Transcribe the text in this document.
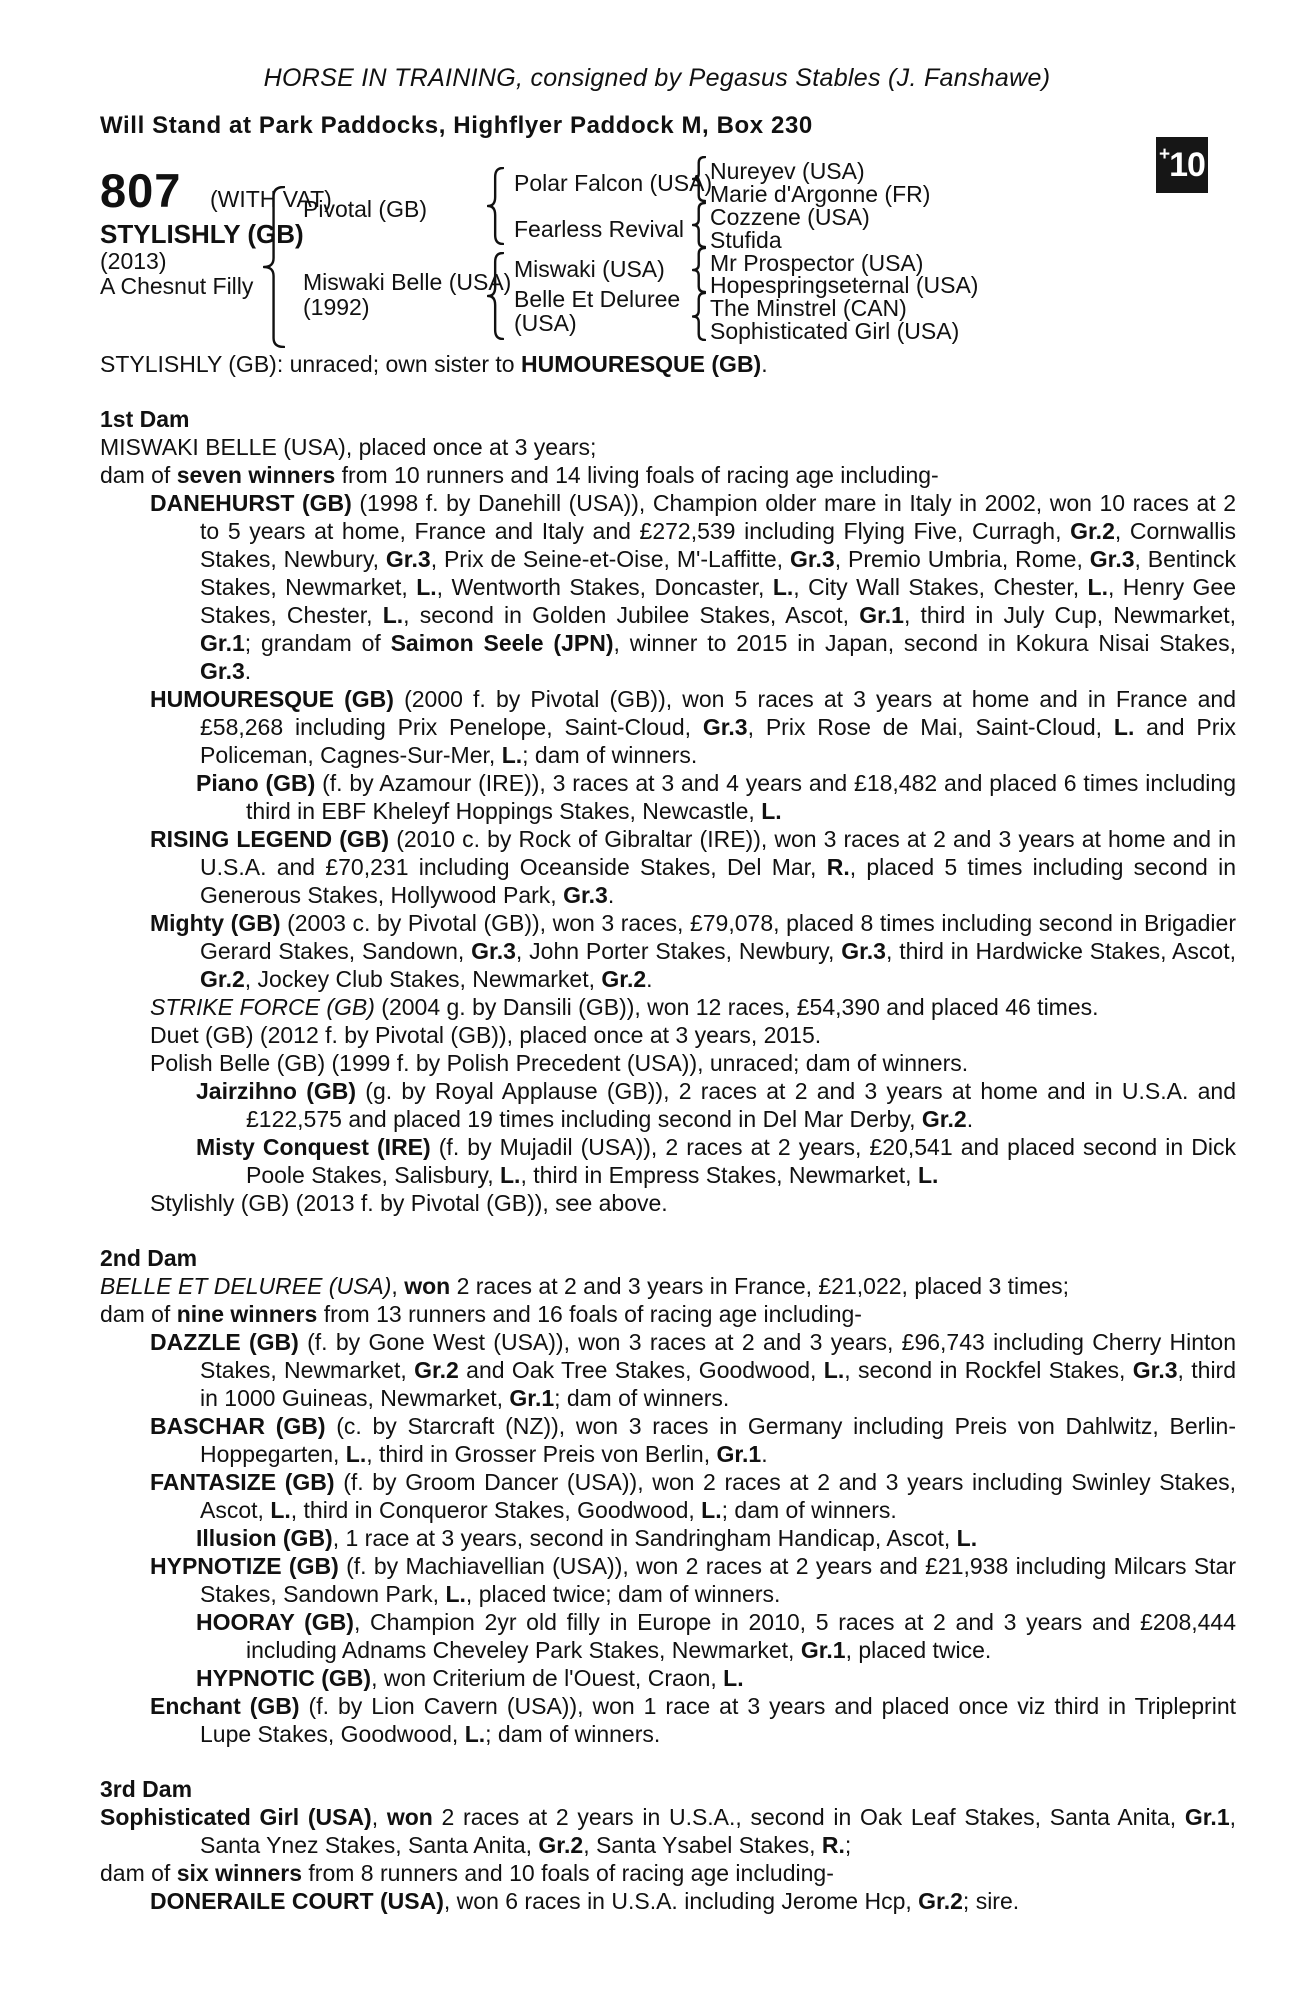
HORSE IN TRAINING, consigned by Pegasus Stables (J. Fanshawe)
Will Stand at Park Paddocks, Highflyer Paddock M, Box 230
+ 10
807 (WITH VAT)
STYLISHLY (GB)
(2013)
A Chesnut Filly
Pivotal (GB)
Miswaki Belle (USA)
(1992)
Polar Falcon (USA)
Fearless Revival
Miswaki (USA)
Belle Et Deluree
(USA)
Nureyev (USA)
Marie d'Argonne (FR)
Cozzene (USA)
Stufida
Mr Prospector (USA)
Hopespringseternal (USA)
The Minstrel (CAN)
Sophisticated Girl (USA)
STYLISHLY (GB): unraced; own sister to HUMOURESQUE (GB).
1st Dam
MISWAKI BELLE (USA), placed once at 3 years;
dam of seven winners from 10 runners and 14 living foals of racing age including-
DANEHURST (GB) (1998 f. by Danehill (USA)), Champion older mare in Italy in 2002, won 10 races at 2 to 5 years at home, France and Italy and £272,539 including Flying Five, Curragh, Gr.2, Cornwallis Stakes, Newbury, Gr.3, Prix de Seine-et-Oise, M'-Laffitte, Gr.3, Premio Umbria, Rome, Gr.3, Bentinck Stakes, Newmarket, L., Wentworth Stakes, Doncaster, L., City Wall Stakes, Chester, L., Henry Gee Stakes, Chester, L., second in Golden Jubilee Stakes, Ascot, Gr.1, third in July Cup, Newmarket, Gr.1; grandam of Saimon Seele (JPN), winner to 2015 in Japan, second in Kokura Nisai Stakes, Gr.3.
HUMOURESQUE (GB) (2000 f. by Pivotal (GB)), won 5 races at 3 years at home and in France and £58,268 including Prix Penelope, Saint-Cloud, Gr.3, Prix Rose de Mai, Saint-Cloud, L. and Prix Policeman, Cagnes-Sur-Mer, L.; dam of winners.
Piano (GB) (f. by Azamour (IRE)), 3 races at 3 and 4 years and £18,482 and placed 6 times including third in EBF Kheleyf Hoppings Stakes, Newcastle, L.
RISING LEGEND (GB) (2010 c. by Rock of Gibraltar (IRE)), won 3 races at 2 and 3 years at home and in U.S.A. and £70,231 including Oceanside Stakes, Del Mar, R., placed 5 times including second in Generous Stakes, Hollywood Park, Gr.3.
Mighty (GB) (2003 c. by Pivotal (GB)), won 3 races, £79,078, placed 8 times including second in Brigadier Gerard Stakes, Sandown, Gr.3, John Porter Stakes, Newbury, Gr.3, third in Hardwicke Stakes, Ascot, Gr.2, Jockey Club Stakes, Newmarket, Gr.2.
STRIKE FORCE (GB) (2004 g. by Dansili (GB)), won 12 races, £54,390 and placed 46 times.
Duet (GB) (2012 f. by Pivotal (GB)), placed once at 3 years, 2015.
Polish Belle (GB) (1999 f. by Polish Precedent (USA)), unraced; dam of winners.
Jairzihno (GB) (g. by Royal Applause (GB)), 2 races at 2 and 3 years at home and in U.S.A. and £122,575 and placed 19 times including second in Del Mar Derby, Gr.2.
Misty Conquest (IRE) (f. by Mujadil (USA)), 2 races at 2 years, £20,541 and placed second in Dick Poole Stakes, Salisbury, L., third in Empress Stakes, Newmarket, L.
Stylishly (GB) (2013 f. by Pivotal (GB)), see above.
2nd Dam
BELLE ET DELUREE (USA), won 2 races at 2 and 3 years in France, £21,022, placed 3 times;
dam of nine winners from 13 runners and 16 foals of racing age including-
DAZZLE (GB) (f. by Gone West (USA)), won 3 races at 2 and 3 years, £96,743 including Cherry Hinton Stakes, Newmarket, Gr.2 and Oak Tree Stakes, Goodwood, L., second in Rockfel Stakes, Gr.3, third in 1000 Guineas, Newmarket, Gr.1; dam of winners.
BASCHAR (GB) (c. by Starcraft (NZ)), won 3 races in Germany including Preis von Dahlwitz, Berlin-Hoppegarten, L., third in Grosser Preis von Berlin, Gr.1.
FANTASIZE (GB) (f. by Groom Dancer (USA)), won 2 races at 2 and 3 years including Swinley Stakes, Ascot, L., third in Conqueror Stakes, Goodwood, L.; dam of winners.
Illusion (GB), 1 race at 3 years, second in Sandringham Handicap, Ascot, L.
HYPNOTIZE (GB) (f. by Machiavellian (USA)), won 2 races at 2 years and £21,938 including Milcars Star Stakes, Sandown Park, L., placed twice; dam of winners.
HOORAY (GB), Champion 2yr old filly in Europe in 2010, 5 races at 2 and 3 years and £208,444 including Adnams Cheveley Park Stakes, Newmarket, Gr.1, placed twice.
HYPNOTIC (GB), won Criterium de l'Ouest, Craon, L.
Enchant (GB) (f. by Lion Cavern (USA)), won 1 race at 3 years and placed once viz third in Tripleprint Lupe Stakes, Goodwood, L.; dam of winners.
3rd Dam
Sophisticated Girl (USA), won 2 races at 2 years in U.S.A., second in Oak Leaf Stakes, Santa Anita, Gr.1, Santa Ynez Stakes, Santa Anita, Gr.2, Santa Ysabel Stakes, R.;
dam of six winners from 8 runners and 10 foals of racing age including-
DONERAILE COURT (USA), won 6 races in U.S.A. including Jerome Hcp, Gr.2; sire.
